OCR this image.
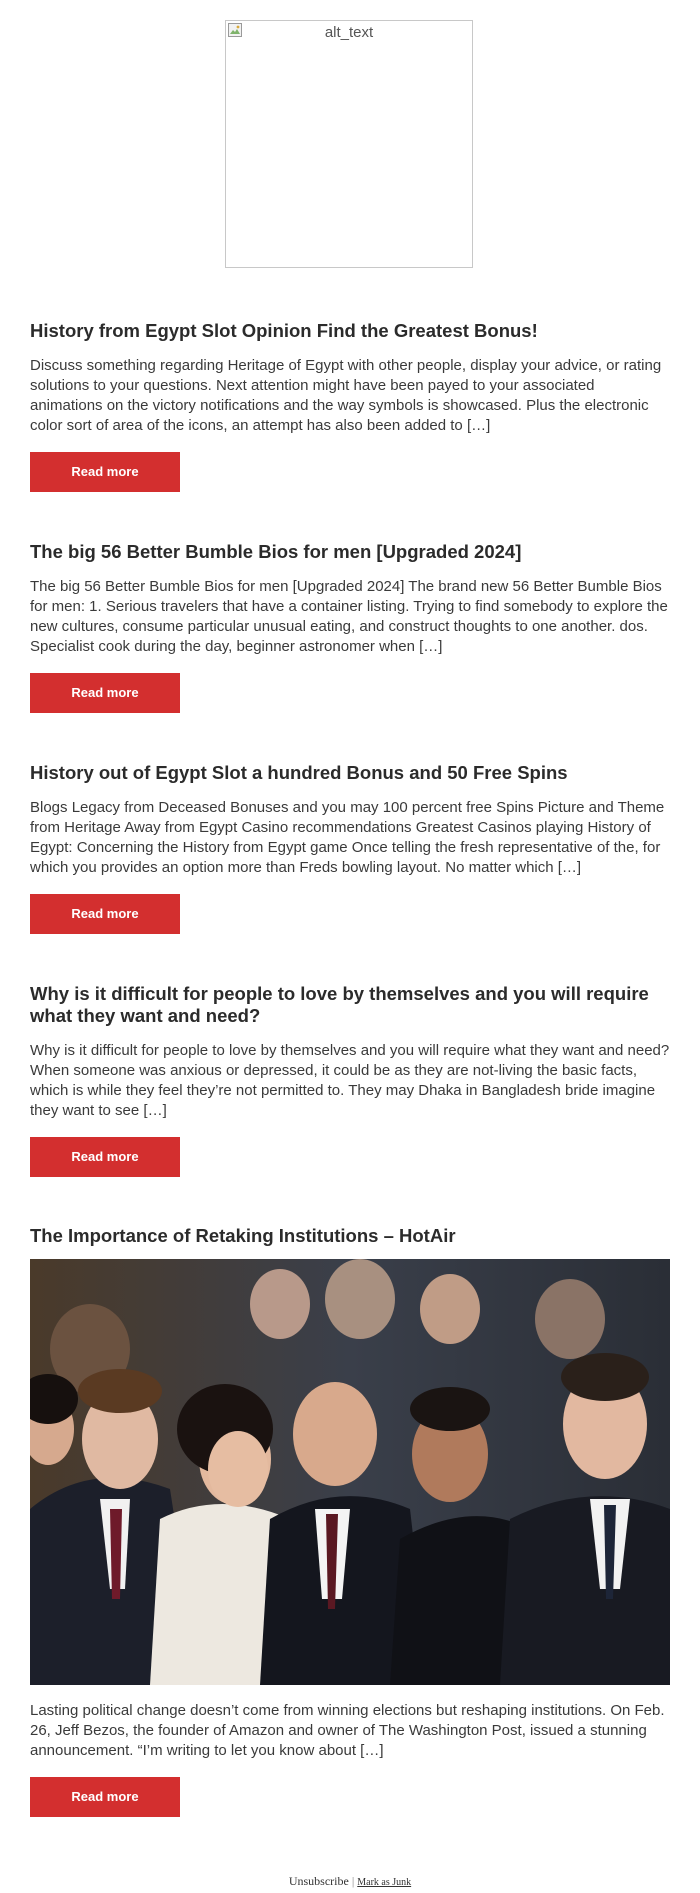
alt_text
History from Egypt Slot Opinion Find the Greatest Bonus!

Discuss something regarding Heritage of Egypt with other people, display your advice, or rating solutions to your questions. Next attention might have been payed to your associated animations on the victory notifications and the way symbols is showcased. Plus the electronic color sort of area of the icons, an attempt has also been added to […]

Read more
The big 56 Better Bumble Bios for men [Upgraded 2024]

The big 56 Better Bumble Bios for men [Upgraded 2024] The brand new 56 Better Bumble Bios for men: 1. Serious travelers that have a container listing. Trying to find somebody to explore the new cultures, consume particular unusual eating, and construct thoughts to one another. dos. Specialist cook during the day, beginner astronomer when […]

Read more
History out of Egypt Slot a hundred Bonus and 50 Free Spins

Blogs Legacy from Deceased Bonuses and you may 100 percent free Spins Picture and Theme from Heritage Away from Egypt Casino recommendations Greatest Casinos playing History of Egypt: Concerning the History from Egypt game Once telling the fresh representative of the, for which you provides an option more than Freds bowling layout. No matter which […]

Read more
Why is it difficult for people to love by themselves and you will require what they want and need?

Why is it difficult for people to love by themselves and you will require what they want and need? When someone was anxious or depressed, it could be as they are not-living the basic facts, which is while they feel they’re not permitted to. They may Dhaka in Bangladesh bride imagine they want to see […]

Read more
The Importance of Retaking Institutions – HotAir

Lasting political change doesn’t come from winning elections but reshaping institutions. On Feb. 26, Jeff Bezos, the founder of Amazon and owner of The Washington Post, issued a stunning announcement. “I’m writing to let you know about […]

Read more
Unsubscribe | Mark as Junk
